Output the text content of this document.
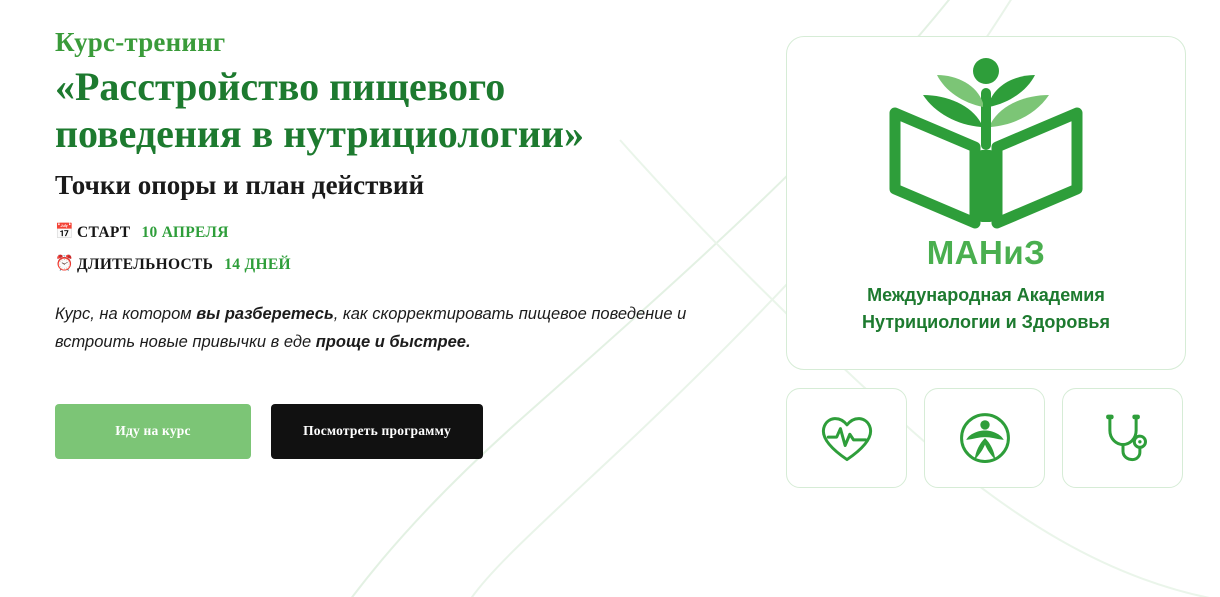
Курс-тренинг
«Расстройство пищевого поведения в нутрициологии»
Точки опоры и план действий
📅 СТАРТ 10 АПРЕЛЯ
⏰ ДЛИТЕЛЬНОСТЬ 14 ДНЕЙ

Курс, на котором вы разберетесь, как скорректировать пищевое поведение и встроить новые привычки в еде проще и быстрее.

Иду на курс	Посмотреть программу
МАНиЗ
Международная Академия
Нутрициологии и Здоровья
